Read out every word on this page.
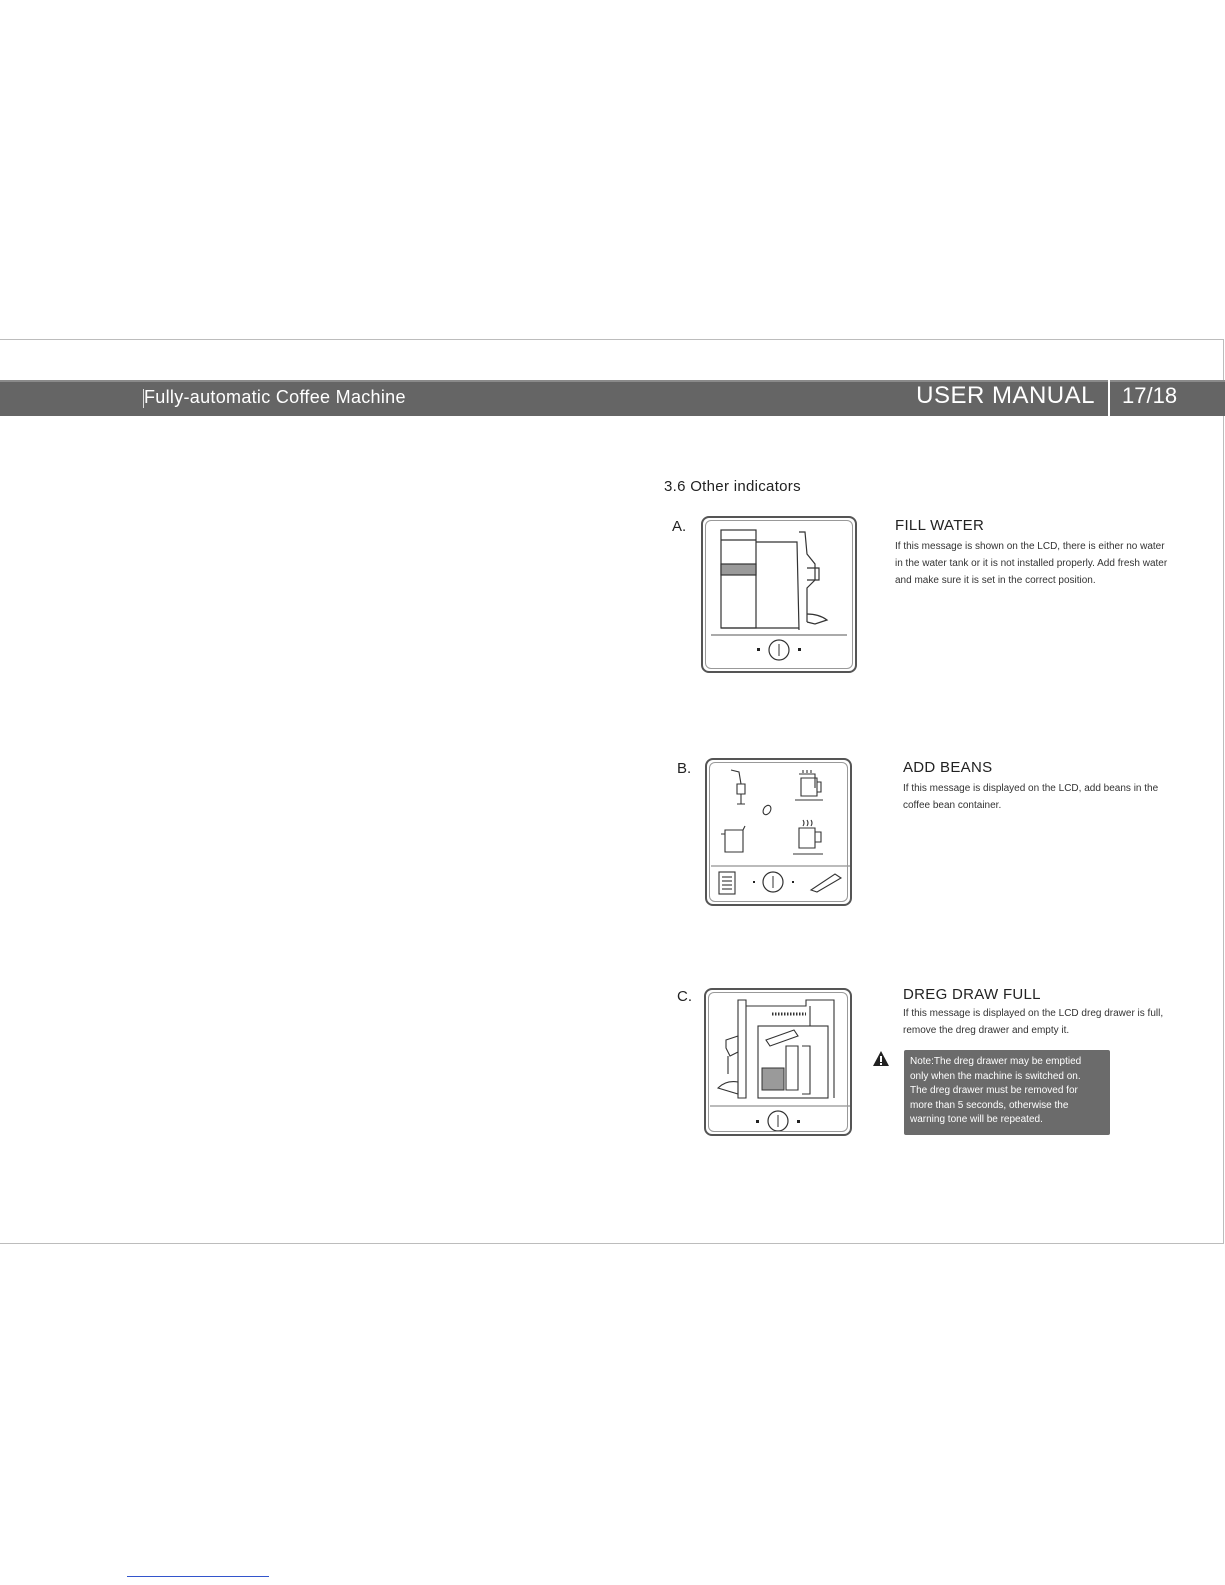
Fully-automatic Coffee Machine	USER MANUAL 17/18
3.6 Other indicators
A.	FILL WATER
If this message is shown on the LCD, there is either no water in the water tank or it is not installed properly. Add fresh water and make sure it is set in the correct position.
B.	ADD BEANS
If this message is displayed on the LCD, add beans in the coffee bean container.
C.	DREG DRAW FULL
If this message is displayed on the LCD dreg drawer is full, remove the dreg drawer and empty it.
Note:The dreg drawer may be emptied
only when the machine is switched on.
The dreg drawer must be removed for
more than 5 seconds, otherwise the
warning tone will be repeated.
